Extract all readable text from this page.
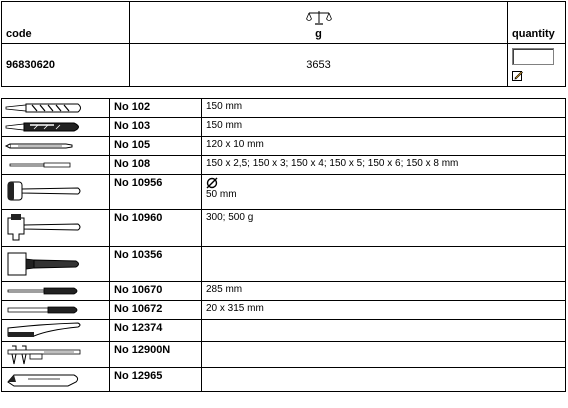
code	g	quantity
96830620	3653	
	No 102	150 mm

	No 103	150 mm

	No 105	120 x 10 mm

	No 108	150 x 2,5; 150 x 3; 150 x 4; 150 x 5; 150 x 6; 150 x 8 mm

	No 10956	50 mm

	No 10960	300; 500 g

	No 10356	

	No 10670	285 mm

	No 10672	20 x 315 mm

	No 12374	

	No 12900N	

	No 12965	
